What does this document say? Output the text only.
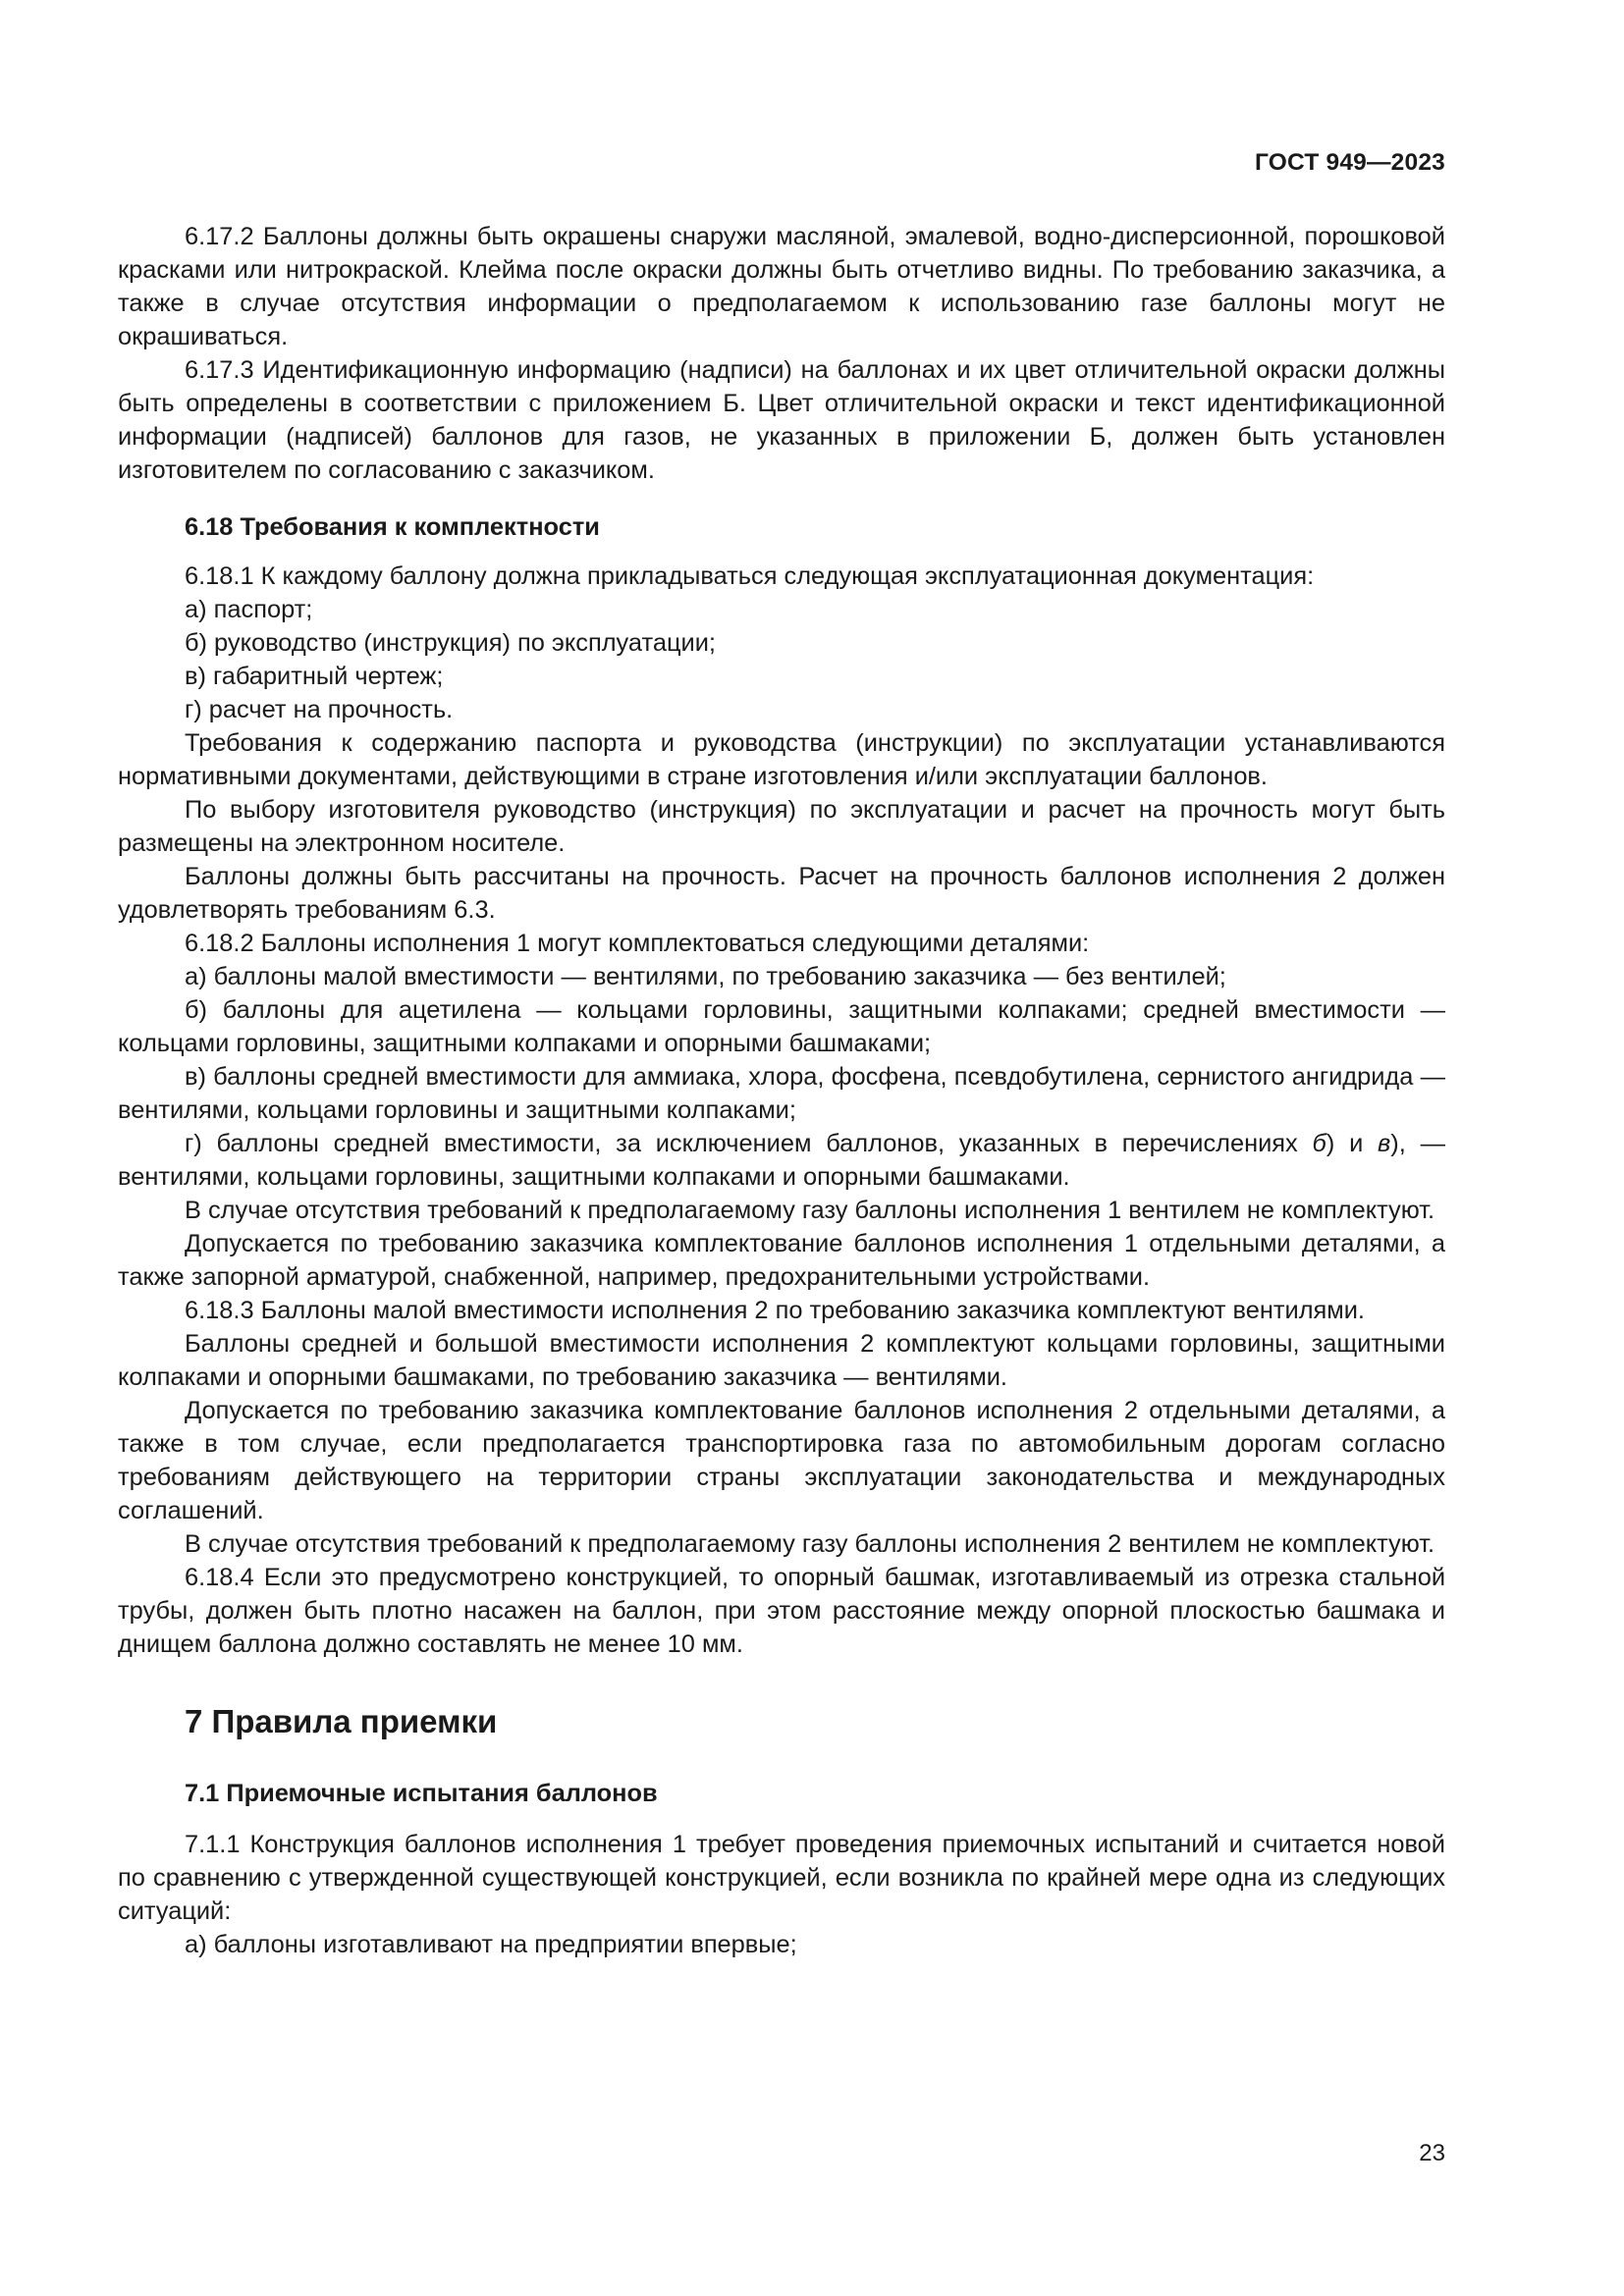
ГОСТ 949—2023

6.17.2 Баллоны должны быть окрашены снаружи масляной, эмалевой, водно-дисперсионной, порошковой красками или нитрокраской. Клейма после окраски должны быть отчетливо видны. По требованию заказчика, а также в случае отсутствия информации о предполагаемом к использованию газе баллоны могут не окрашиваться.

6.17.3 Идентификационную информацию (надписи) на баллонах и их цвет отличительной окраски должны быть определены в соответствии с приложением Б. Цвет отличительной окраски и текст идентификационной информации (надписей) баллонов для газов, не указанных в приложении Б, должен быть установлен изготовителем по согласованию с заказчиком.

6.18 Требования к комплектности

6.18.1 К каждому баллону должна прикладываться следующая эксплуатационная документация:

а) паспорт;

б) руководство (инструкция) по эксплуатации;

в) габаритный чертеж;

г) расчет на прочность.

Требования к содержанию паспорта и руководства (инструкции) по эксплуатации устанавливаются нормативными документами, действующими в стране изготовления и/или эксплуатации баллонов.

По выбору изготовителя руководство (инструкция) по эксплуатации и расчет на прочность могут быть размещены на электронном носителе.

Баллоны должны быть рассчитаны на прочность. Расчет на прочность баллонов исполнения 2 должен удовлетворять требованиям 6.3.

6.18.2 Баллоны исполнения 1 могут комплектоваться следующими деталями:

а) баллоны малой вместимости — вентилями, по требованию заказчика — без вентилей;

б) баллоны для ацетилена — кольцами горловины, защитными колпаками; средней вместимости — кольцами горловины, защитными колпаками и опорными башмаками;

в) баллоны средней вместимости для аммиака, хлора, фосфена, псевдобутилена, сернистого ангидрида — вентилями, кольцами горловины и защитными колпаками;

г) баллоны средней вместимости, за исключением баллонов, указанных в перечислениях б) и в), — вентилями, кольцами горловины, защитными колпаками и опорными башмаками.

В случае отсутствия требований к предполагаемому газу баллоны исполнения 1 вентилем не комплектуют.

Допускается по требованию заказчика комплектование баллонов исполнения 1 отдельными деталями, а также запорной арматурой, снабженной, например, предохранительными устройствами.

6.18.3 Баллоны малой вместимости исполнения 2 по требованию заказчика комплектуют вентилями.

Баллоны средней и большой вместимости исполнения 2 комплектуют кольцами горловины, защитными колпаками и опорными башмаками, по требованию заказчика — вентилями.

Допускается по требованию заказчика комплектование баллонов исполнения 2 отдельными деталями, а также в том случае, если предполагается транспортировка газа по автомобильным дорогам согласно требованиям действующего на территории страны эксплуатации законодательства и международных соглашений.

В случае отсутствия требований к предполагаемому газу баллоны исполнения 2 вентилем не комплектуют.

6.18.4 Если это предусмотрено конструкцией, то опорный башмак, изготавливаемый из отрезка стальной трубы, должен быть плотно насажен на баллон, при этом расстояние между опорной плоскостью башмака и днищем баллона должно составлять не менее 10 мм.

7 Правила приемки

7.1 Приемочные испытания баллонов

7.1.1 Конструкция баллонов исполнения 1 требует проведения приемочных испытаний и считается новой по сравнению с утвержденной существующей конструкцией, если возникла по крайней мере одна из следующих ситуаций:

а) баллоны изготавливают на предприятии впервые;

23
